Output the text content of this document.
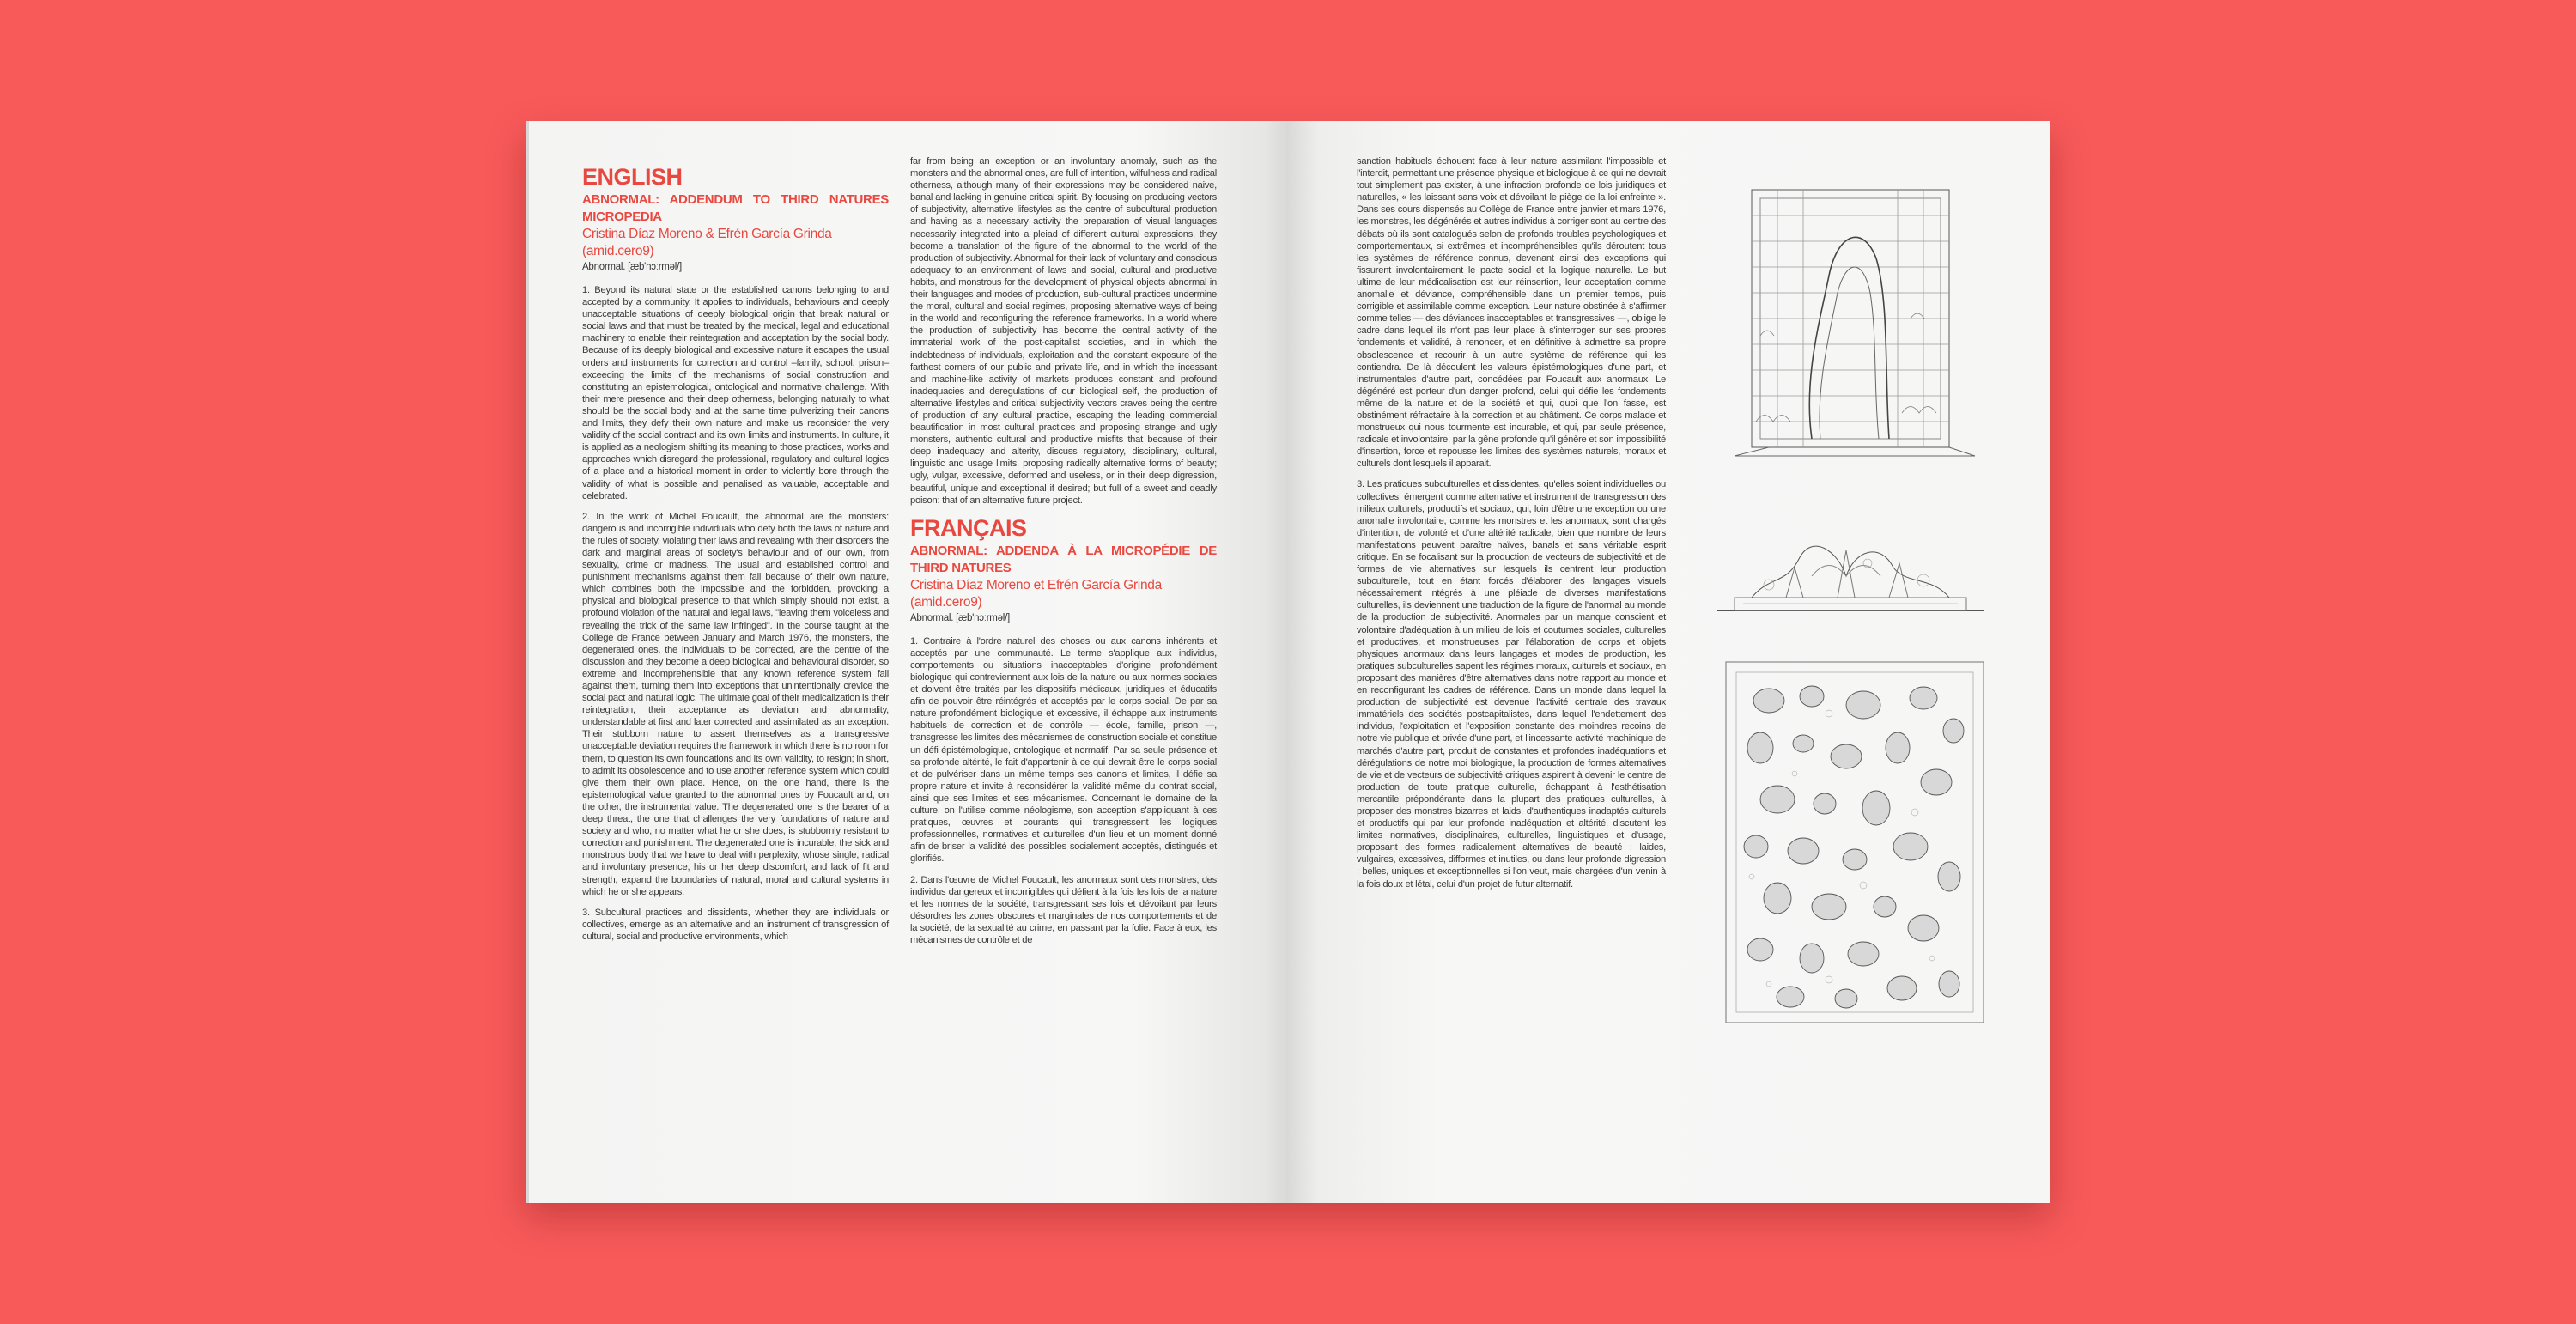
ENGLISH
ABNORMAL: ADDENDUM TO THIRD NATURES MICROPEDIA
Cristina Díaz Moreno & Efrén García Grinda
(amid.cero9)
Abnormal. [æb'nɔːrməl/]

1. Beyond its natural state or the established canons belonging to and accepted by a community. It applies to individuals, behaviours and deeply unacceptable situations of deeply biological origin that break natural or social laws and that must be treated by the medical, legal and educational machinery to enable their reintegration and acceptation by the social body. Because of its deeply biological and excessive nature it escapes the usual orders and instruments for correction and control –family, school, prison– exceeding the limits of the mechanisms of social construction and constituting an epistemological, ontological and normative challenge. With their mere presence and their deep otherness, belonging naturally to what should be the social body and at the same time pulverizing their canons and limits, they defy their own nature and make us reconsider the very validity of the social contract and its own limits and instruments. In culture, it is applied as a neologism shifting its meaning to those practices, works and approaches which disregard the professional, regulatory and cultural logics of a place and a historical moment in order to violently bore through the validity of what is possible and penalised as valuable, acceptable and celebrated.

2. In the work of Michel Foucault, the abnormal are the monsters: dangerous and incorrigible individuals who defy both the laws of nature and the rules of society, violating their laws and revealing with their disorders the dark and marginal areas of society's behaviour and of our own, from sexuality, crime or madness. The usual and established control and punishment mechanisms against them fail because of their own nature, which combines both the impossible and the forbidden, provoking a physical and biological presence to that which simply should not exist, a profound violation of the natural and legal laws, "leaving them voiceless and revealing the trick of the same law infringed". In the course taught at the College de France between January and March 1976, the monsters, the degenerated ones, the individuals to be corrected, are the centre of the discussion and they become a deep biological and behavioural disorder, so extreme and incomprehensible that any known reference system fail against them, turning them into exceptions that unintentionally crevice the social pact and natural logic. The ultimate goal of their medicalization is their reintegration, their acceptance as deviation and abnormality, understandable at first and later corrected and assimilated as an exception. Their stubborn nature to assert themselves as a transgressive unacceptable deviation requires the framework in which there is no room for them, to question its own foundations and its own validity, to resign; in short, to admit its obsolescence and to use another reference system which could give them their own place. Hence, on the one hand, there is the epistemological value granted to the abnormal ones by Foucault and, on the other, the instrumental value. The degenerated one is the bearer of a deep threat, the one that challenges the very foundations of nature and society and who, no matter what he or she does, is stubbornly resistant to correction and punishment. The degenerated one is incurable, the sick and monstrous body that we have to deal with perplexity, whose single, radical and involuntary presence, his or her deep discomfort, and lack of fit and strength, expand the boundaries of natural, moral and cultural systems in which he or she appears.

3. Subcultural practices and dissidents, whether they are individuals or collectives, emerge as an alternative and an instrument of transgression of cultural, social and productive environments, which

far from being an exception or an involuntary anomaly, such as the monsters and the abnormal ones, are full of intention, wilfulness and radical otherness, although many of their expressions may be considered naive, banal and lacking in genuine critical spirit. By focusing on producing vectors of subjectivity, alternative lifestyles as the centre of subcultural production and having as a necessary activity the preparation of visual languages necessarily integrated into a pleiad of different cultural expressions, they become a translation of the figure of the abnormal to the world of the production of subjectivity. Abnormal for their lack of voluntary and conscious adequacy to an environment of laws and social, cultural and productive habits, and monstrous for the development of physical objects abnormal in their languages and modes of production, sub-cultural practices undermine the moral, cultural and social regimes, proposing alternative ways of being in the world and reconfiguring the reference frameworks. In a world where the production of subjectivity has become the central activity of the immaterial work of the post-capitalist societies, and in which the indebtedness of individuals, exploitation and the constant exposure of the farthest corners of our public and private life, and in which the incessant and machine-like activity of markets produces constant and profound inadequacies and deregulations of our biological self, the production of alternative lifestyles and critical subjectivity vectors craves being the centre of production of any cultural practice, escaping the leading commercial beautification in most cultural practices and proposing strange and ugly monsters, authentic cultural and productive misfits that because of their deep inadequacy and alterity, discuss regulatory, disciplinary, cultural, linguistic and usage limits, proposing radically alternative forms of beauty; ugly, vulgar, excessive, deformed and useless, or in their deep digression, beautiful, unique and exceptional if desired; but full of a sweet and deadly poison: that of an alternative future project.

FRANÇAIS
ABNORMAL: ADDENDA À LA MICROPÉDIE DE THIRD NATURES
Cristina Díaz Moreno et Efrén García Grinda
(amid.cero9)
Abnormal. [æb'nɔːrməl/]

1. Contraire à l'ordre naturel des choses ou aux canons inhérents et acceptés par une communauté. Le terme s'applique aux individus, comportements ou situations inacceptables d'origine profondément biologique qui contreviennent aux lois de la nature ou aux normes sociales et doivent être traités par les dispositifs médicaux, juridiques et éducatifs afin de pouvoir être réintégrés et acceptés par le corps social. De par sa nature profondément biologique et excessive, il échappe aux instruments habituels de correction et de contrôle — école, famille, prison —, transgresse les limites des mécanismes de construction sociale et constitue un défi épistémologique, ontologique et normatif. Par sa seule présence et sa profonde altérité, le fait d'appartenir à ce qui devrait être le corps social et de pulvériser dans un même temps ses canons et limites, il défie sa propre nature et invite à reconsidérer la validité même du contrat social, ainsi que ses limites et ses mécanismes. Concernant le domaine de la culture, on l'utilise comme néologisme, son acception s'appliquant à ces pratiques, œuvres et courants qui transgressent les logiques professionnelles, normatives et culturelles d'un lieu et un moment donné afin de briser la validité des possibles socialement acceptés, distingués et glorifiés.

2. Dans l'œuvre de Michel Foucault, les anormaux sont des monstres, des individus dangereux et incorrigibles qui défient à la fois les lois de la nature et les normes de la société, transgressant ses lois et dévoilant par leurs désordres les zones obscures et marginales de nos comportements et de la société, de la sexualité au crime, en passant par la folie. Face à eux, les mécanismes de contrôle et de

sanction habituels échouent face à leur nature assimilant l'impossible et l'interdit, permettant une présence physique et biologique à ce qui ne devrait tout simplement pas exister, à une infraction profonde de lois juridiques et naturelles, « les laissant sans voix et dévoilant le piège de la loi enfreinte ». Dans ses cours dispensés au Collège de France entre janvier et mars 1976, les monstres, les dégénérés et autres individus à corriger sont au centre des débats où ils sont catalogués selon de profonds troubles psychologiques et comportementaux, si extrêmes et incompréhensibles qu'ils déroutent tous les systèmes de référence connus, devenant ainsi des exceptions qui fissurent involontairement le pacte social et la logique naturelle. Le but ultime de leur médicalisation est leur réinsertion, leur acceptation comme anomalie et déviance, compréhensible dans un premier temps, puis corrigible et assimilable comme exception. Leur nature obstinée à s'affirmer comme telles — des déviances inacceptables et transgressives —, oblige le cadre dans lequel ils n'ont pas leur place à s'interroger sur ses propres fondements et validité, à renoncer, et en définitive à admettre sa propre obsolescence et recourir à un autre système de référence qui les contiendra. De là découlent les valeurs épistémologiques d'une part, et instrumentales d'autre part, concédées par Foucault aux anormaux. Le dégénéré est porteur d'un danger profond, celui qui défie les fondements même de la nature et de la société et qui, quoi que l'on fasse, est obstinément réfractaire à la correction et au châtiment. Ce corps malade et monstrueux qui nous tourmente est incurable, et qui, par seule présence, radicale et involontaire, par la gêne profonde qu'il génère et son impossibilité d'insertion, force et repousse les limites des systèmes naturels, moraux et culturels dont lesquels il apparait.

3. Les pratiques subculturelles et dissidentes, qu'elles soient individuelles ou collectives, émergent comme alternative et instrument de transgression des milieux culturels, productifs et sociaux, qui, loin d'être une exception ou une anomalie involontaire, comme les monstres et les anormaux, sont chargés d'intention, de volonté et d'une altérité radicale, bien que nombre de leurs manifestations peuvent paraître naïves, banals et sans véritable esprit critique. En se focalisant sur la production de vecteurs de subjectivité et de formes de vie alternatives sur lesquels ils centrent leur production subculturelle, tout en étant forcés d'élaborer des langages visuels nécessairement intégrés à une pléiade de diverses manifestations culturelles, ils deviennent une traduction de la figure de l'anormal au monde de la production de subjectivité. Anormales par un manque conscient et volontaire d'adéquation à un milieu de lois et coutumes sociales, culturelles et productives, et monstrueuses par l'élaboration de corps et objets physiques anormaux dans leurs langages et modes de production, les pratiques subculturelles sapent les régimes moraux, culturels et sociaux, en proposant des manières d'être alternatives dans notre rapport au monde et en reconfigurant les cadres de référence. Dans un monde dans lequel la production de subjectivité est devenue l'activité centrale des travaux immatériels des sociétés postcapitalistes, dans lequel l'endettement des individus, l'exploitation et l'exposition constante des moindres recoins de notre vie publique et privée d'une part, et l'incessante activité machinique de marchés d'autre part, produit de constantes et profondes inadéquations et dérégulations de notre moi biologique, la production de formes alternatives de vie et de vecteurs de subjectivité critiques aspirent à devenir le centre de production de toute pratique culturelle, échappant à l'esthétisation mercantile prépondérante dans la plupart des pratiques culturelles, à proposer des monstres bizarres et laids, d'authentiques inadaptés culturels et productifs qui par leur profonde inadéquation et altérité, discutent les limites normatives, disciplinaires, culturelles, linguistiques et d'usage, proposant des formes radicalement alternatives de beauté : laides, vulgaires, excessives, difformes et inutiles, ou dans leur profonde digression : belles, uniques et exceptionnelles si l'on veut, mais chargées d'un venin à la fois doux et létal, celui d'un projet de futur alternatif.
